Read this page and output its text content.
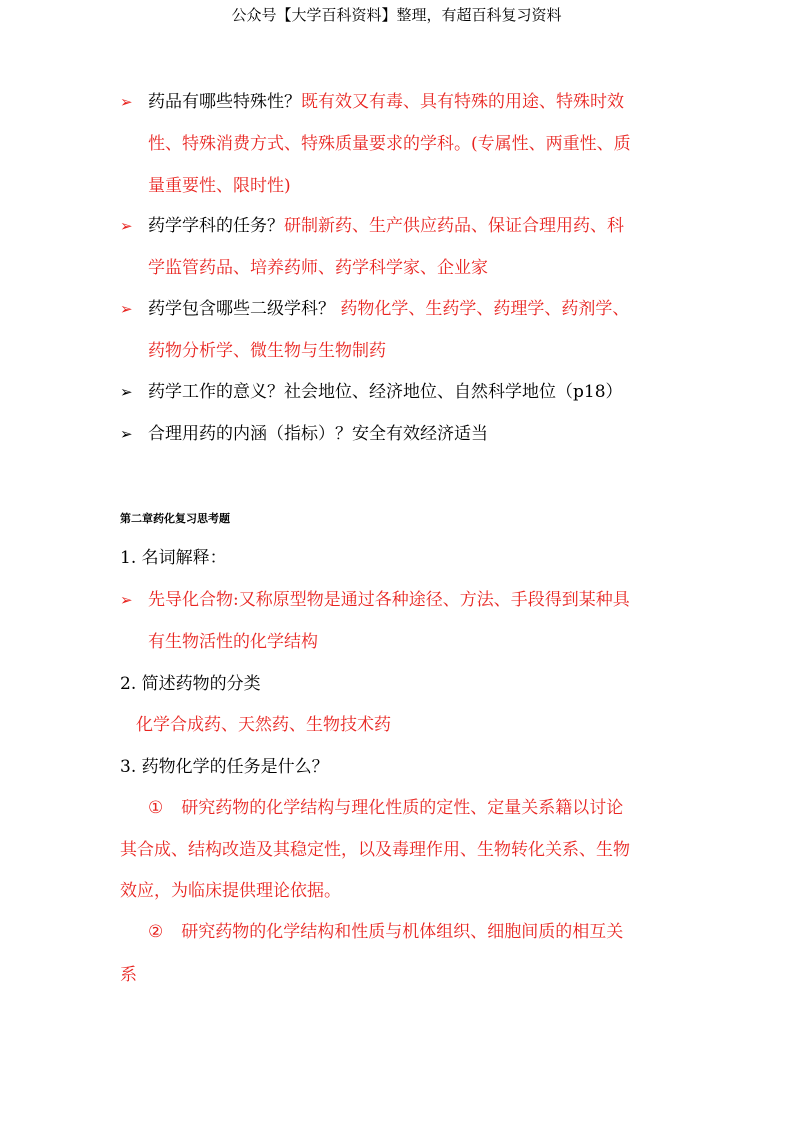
公众号【大学百科资料】整理，有超百科复习资料
➢ 药品有哪些特殊性？既有效又有毒、具有特殊的用途、特殊时效
性、特殊消费方式、特殊质量要求的学科。(专属性、两重性、质
量重要性、限时性)
➢ 药学学科的任务？研制新药、生产供应药品、保证合理用药、科
学监管药品、培养药师、药学科学家、企业家
➢ 药学包含哪些二级学科？ 药物化学、生药学、药理学、药剂学、
药物分析学、微生物与生物制药
➢ 药学工作的意义？社会地位、经济地位、自然科学地位（p18）
➢ 合理用药的内涵（指标）？安全有效经济适当
第二章药化复习思考题
1. 名词解释：
➢ 先导化合物:又称原型物是通过各种途径、方法、手段得到某种具
有生物活性的化学结构
2. 简述药物的分类
化学合成药、天然药、生物技术药
3. 药物化学的任务是什么？
① 研究药物的化学结构与理化性质的定性、定量关系籍以讨论
其合成、结构改造及其稳定性，以及毒理作用、生物转化关系、生物
效应，为临床提供理论依据。
② 研究药物的化学结构和性质与机体组织、细胞间质的相互关
系
